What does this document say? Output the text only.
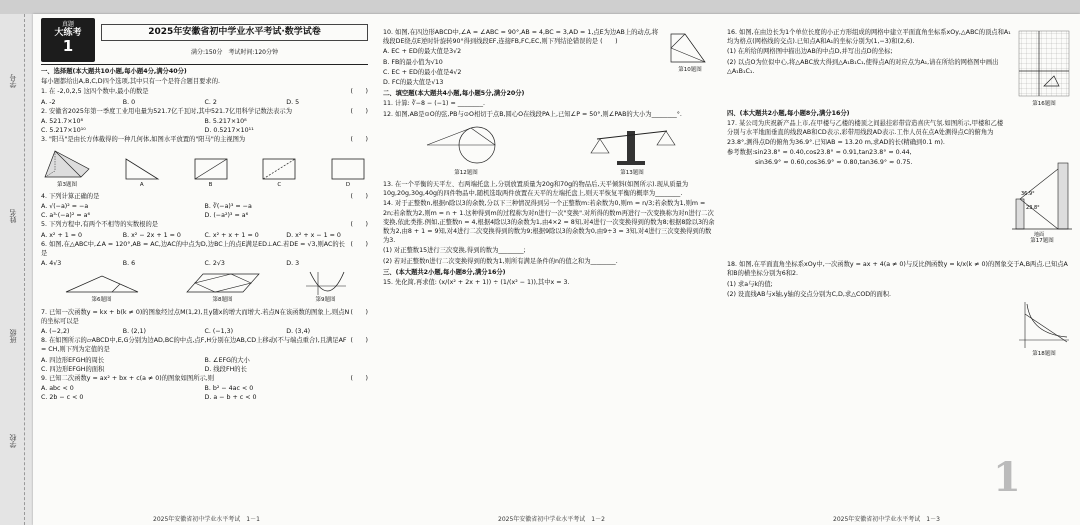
学号
姓名
班级
学校
真题
大练考
1
2025年安徽省初中学业水平考试·数学试卷
满分:150分　考试时间:120分钟
一、选择题(本大题共10小题,每小题4分,满分40分)
每小题都给出A,B,C,D四个选项,其中只有一个是符合题目要求的.
(　　)
1. 在 -2,0,2,5 这四个数中,最小的数是
A. -2	B. 0	C. 2	D. 5
(　　)
2. 安徽省2025年第一季度工业用电量为521.7亿千瓦时,其中521.7亿用科学记数法表示为
A. 521.7×10⁸	B. 5.217×10⁸
C. 5.217×10¹⁰	D. 0.5217×10¹¹
(　　)
3. "阳马"是由长方体截得的一种几何体,如图水平放置的"阳马"的主视图为
第3题图	A	B	C	D
(　　)
4. 下列计算正确的是
A. √(−a)² = −a	B. ∛(−a)³ = −a
C. a³·(−a)² = a⁶	D. (−a²)³ = a⁶
(　　)
5. 下列方程中,有两个不相等的实数根的是
A. x² + 1 = 0	B. x² − 2x + 1 = 0	C. x² + x + 1 = 0	D. x² + x − 1 = 0
(　　)
6. 如图,在△ABC中,∠A = 120°,AB = AC,边AC的中点为D,边BC上的点E满足ED⊥AC.若DE = √3,则AC的长是
A. 4√3	B. 6	C. 2√3	D. 3
第6题图	第8题图	第9题图
(　　)
7. 已知一次函数y = kx + b(k ≠ 0)的图象经过点M(1,2),且y随x的增大而增大.若点N在该函数的图象上,则点N的坐标可以是
A. (−2,2)	B. (2,1)	C. (−1,3)	D. (3,4)
(　　)
8. 在如图所示的▱ABCD中,E,G分别为边AD,BC的中点,点F,H分别在边AB,CD上移动(不与端点重合),且满足AF = CH,则下列为定值的是
A. 四边形EFGH的周长	B. ∠EFG的大小
C. 四边形EFGH的面积	D. 线段FH的长
(　　)
9. 已知二次函数y = ax² + bx + c(a ≠ 0)的图象如图所示,则
A. abc < 0	B. b² − 4ac < 0
C. 2b − c < 0	D. a − b + c < 0
第10题图
10. 如图,在四边形ABCD中,∠A = ∠ABC = 90°,AB = 4,BC = 3,AD = 1,点E为边AB上的动点,将线段DE绕点E逆时针旋转90°得到线段EF,连接FB,FC,EC,则下列结论错误的是 (　　)
A. EC + ED的最大值是3√2
B. FB的最小值为√10
C. EC + ED的最小值是4√2
D. FC的最大值是√13
二、填空题(本大题共4小题,每小题5分,满分20分)
11. 计算: ∛−8 − (−1) = ________.
12. 如图,AB是⊙O的弦,PB与⊙O相切于点B,圆心O在线段PA上,已知∠P = 50°,则∠PAB的大小为________°.
第12题图	第13题图
13. 在一个平衡的天平左、右两端托盘上,分别放置质量为20g和70g的物品后,天平倾斜(如图所示).现从质量为10g,20g,30g,40g的四件物品中,随机选取两件放置在天平的左端托盘上,则天平恢复平衡的概率为________.
14. 对于正整数n,根据n除以3的余数,分以下三种情况得到另一个正整数m:若余数为0,则m = n/3;若余数为1,则m = 2n;若余数为2,则m = n + 1.这种得到m的过程称为对n进行一次"变换".对所得的数m再进行一次变换称为对n进行二次变换,依此类推.例如,正整数n = 4,根据4除以3的余数为1,由4×2 = 8知,对4进行一次变换得到的数为8;根据8除以3的余数为2,由8 + 1 = 9知,对4进行二次变换得到的数为9;根据9除以3的余数为0,由9÷3 = 3知,对4进行三次变换得到的数为3.
(1) 对正整数15进行三次变换,得到的数为________;
(2) 若对正整数n进行二次变换得到的数为1,则所有满足条件的n的值之和为________.
三、(本大题共2小题,每小题8分,满分16分)
15. 先化简,再求值: (x/(x² + 2x + 1)) ÷ (1/(x² − 1)),其中x = 3.
第16题图
16. 如图,在由边长为1个单位长度的小正方形组成的网格中建立平面直角坐标系xOy,△ABC的顶点和A₁均为格点(网格线的交点).已知点A和A₁的坐标分别为(1,−3)和(2,6).
(1) 在所给的网格图中描出边AB的中点D,并写出点D的坐标;
(2) 以点O为位似中心,将△ABC放大得到△A₁B₁C₁,使得点A的对应点为A₁,请在所给的网格图中画出△A₁B₁C₁.
四、(本大题共2小题,每小题8分,满分16分)
36.9°
23.8°
地面
第17题图
17. 某公司为庆祝新产品上市,在甲楼与乙楼的楼顶之间悬挂彩带营造喜庆气氛.如图所示,甲楼和乙楼分别与水平地面垂直的线段AB和CD表示,彩带用线段AD表示.工作人员在点A处测得点C的俯角为23.8°,测得点D的俯角为36.9°.已知AB = 13.20 m,求AD的长(精确到0.1 m).
参考数据:sin23.8° ≈ 0.40,cos23.8° ≈ 0.91,tan23.8° ≈ 0.44,
sin36.9° ≈ 0.60,cos36.9° ≈ 0.80,tan36.9° ≈ 0.75.
18. 如图,在平面直角坐标系xOy中,一次函数y = ax + 4(a ≠ 0)与反比例函数y = k/x(k ≠ 0)的图象交于A,B两点.已知点A和B的横坐标分别为6和2.
(1) 求a与k的值;
(2) 设直线AB与x轴,y轴的交点分别为C,D,求△COD的面积.
第18题图
2025年安徽省初中学业水平考试　1－1	2025年安徽省初中学业水平考试　1－2	2025年安徽省初中学业水平考试　1－3
1
